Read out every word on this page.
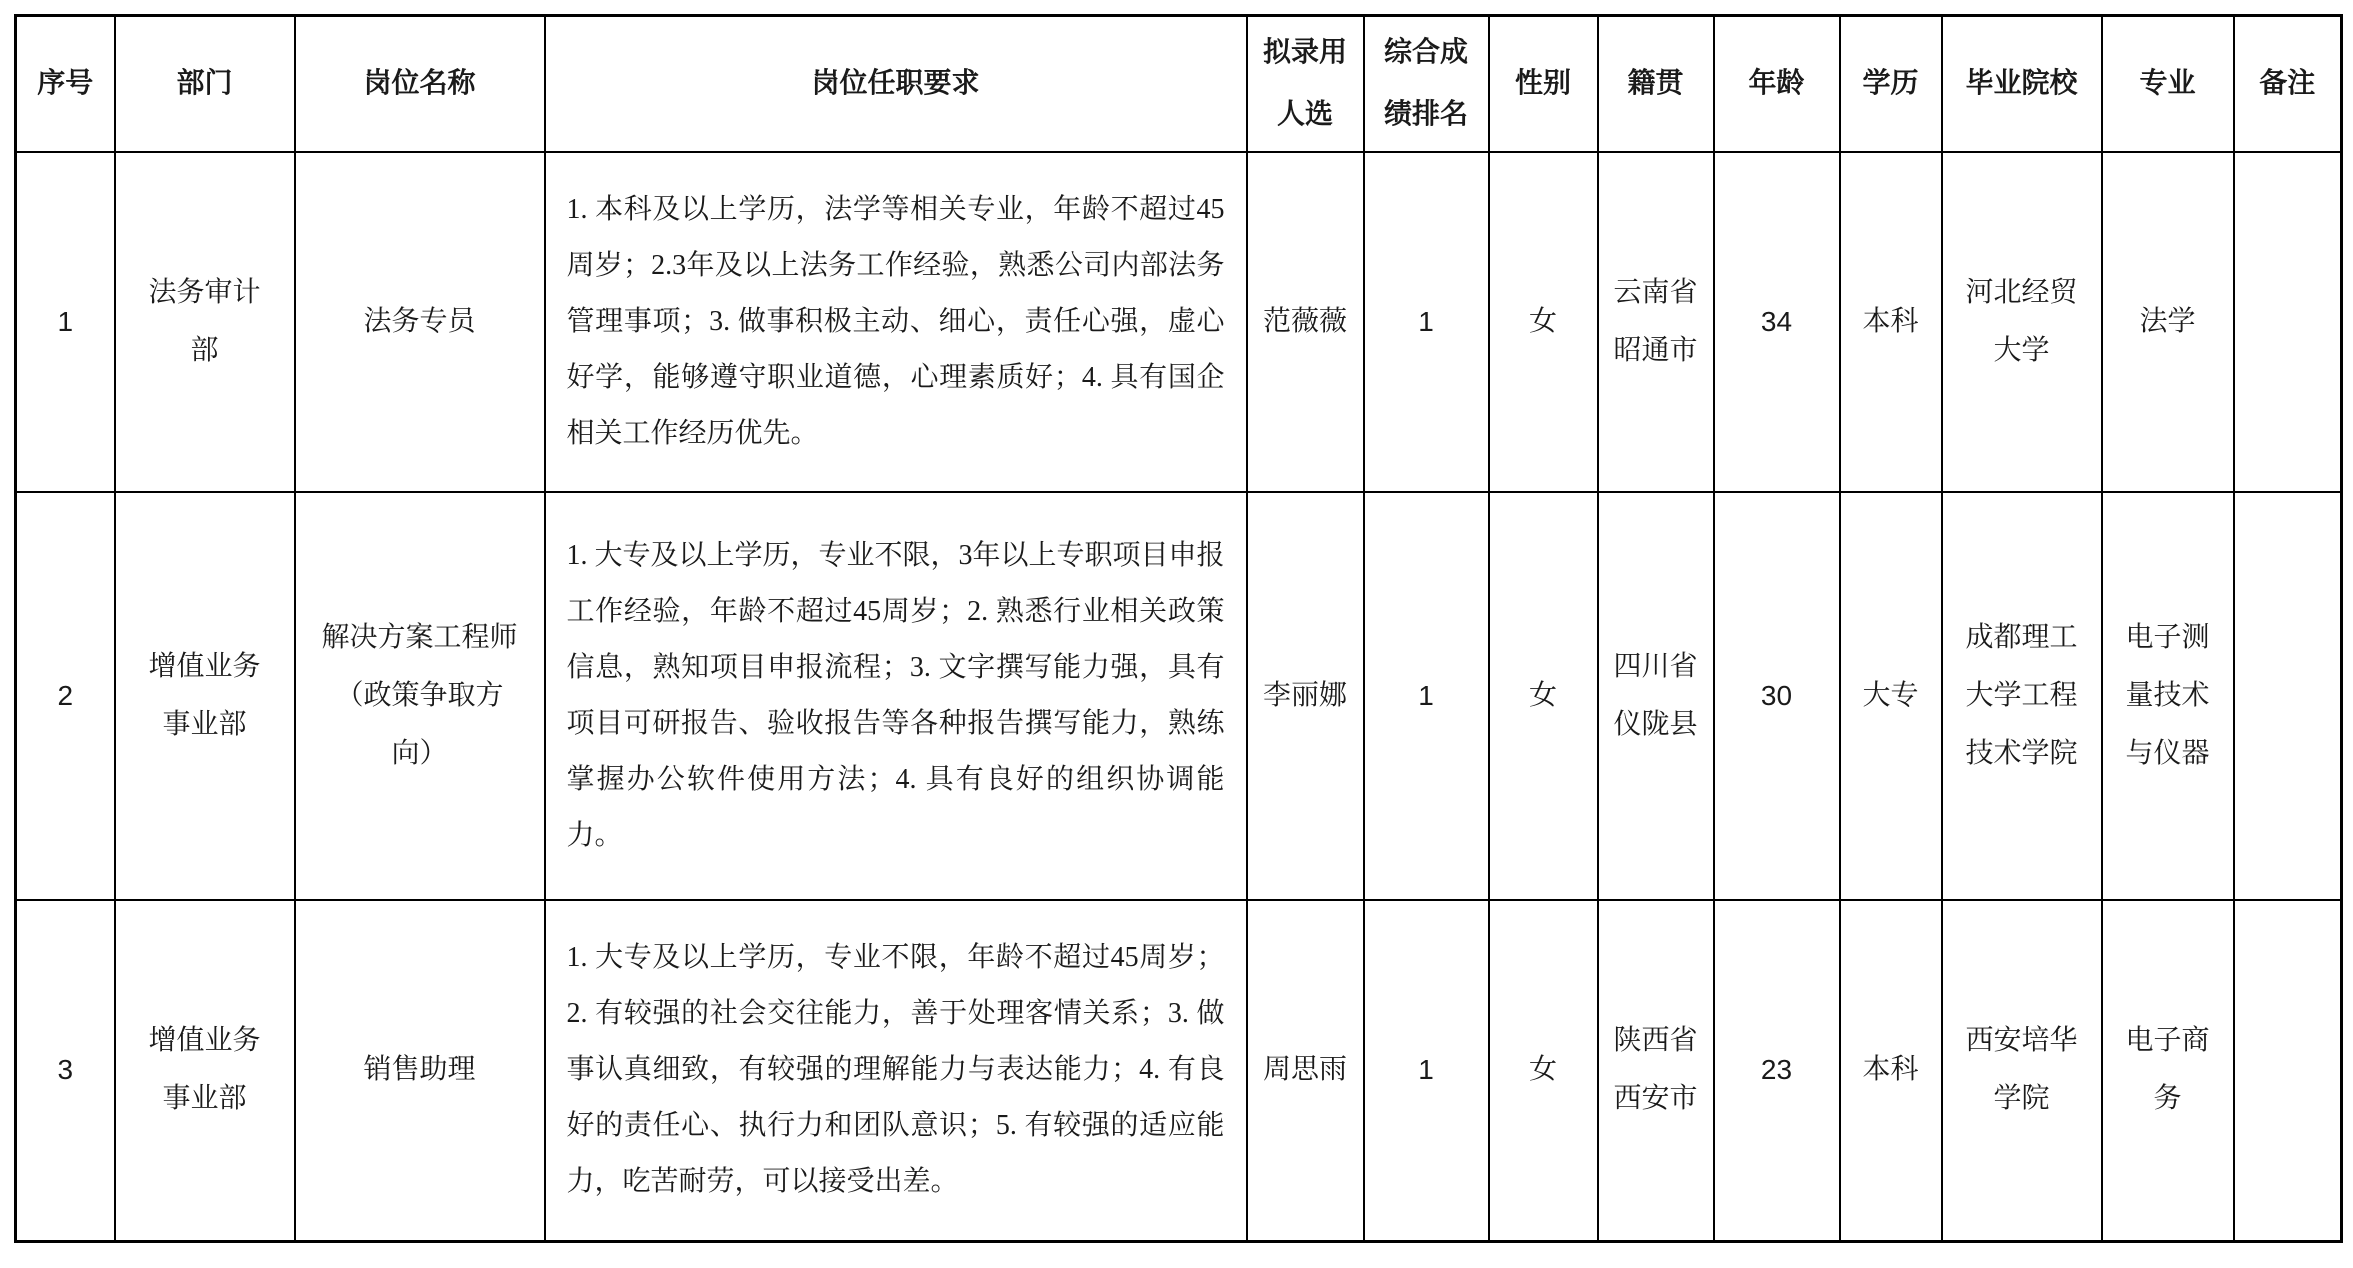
序号	部门	岗位名称	岗位任职要求	拟录用人选	综合成绩排名	性别	籍贯	年龄	学历	毕业院校	专业	备注
1	法务审计部	法务专员	1. 本科及以上学历，法学等相关专业，年龄不超过45周岁；2.3年及以上法务工作经验，熟悉公司内部法务管理事项；3. 做事积极主动、细心，责任心强，虚心好学，能够遵守职业道德，心理素质好；4. 具有国企相关工作经历优先。	范薇薇	1	女	云南省昭通市	34	本科	河北经贸大学	法学	
2	增值业务事业部	解决方案工程师（政策争取方向）	1. 大专及以上学历，专业不限，3年以上专职项目申报工作经验，年龄不超过45周岁；2. 熟悉行业相关政策信息，熟知项目申报流程；3. 文字撰写能力强，具有项目可研报告、验收报告等各种报告撰写能力，熟练掌握办公软件使用方法；4. 具有良好的组织协调能力。	李丽娜	1	女	四川省仪陇县	30	大专	成都理工大学工程技术学院	电子测量技术与仪器	
3	增值业务事业部	销售助理	1. 大专及以上学历，专业不限，年龄不超过45周岁；2. 有较强的社会交往能力，善于处理客情关系；3. 做事认真细致，有较强的理解能力与表达能力；4. 有良好的责任心、执行力和团队意识；5. 有较强的适应能力，吃苦耐劳，可以接受出差。	周思雨	1	女	陕西省西安市	23	本科	西安培华学院	电子商务	
